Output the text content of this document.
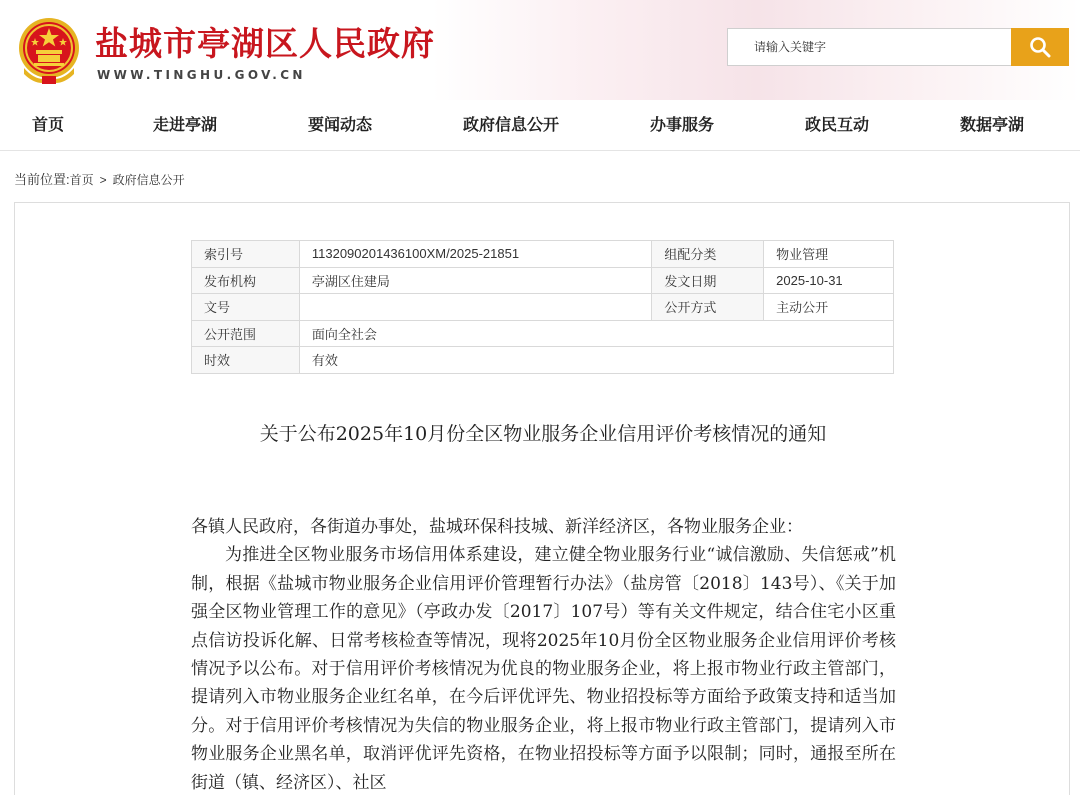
盐城市亭湖区人民政府
WWW.TINGHU.GOV.CN
请输入关键字
首页	走进亭湖	要闻动态	政府信息公开	办事服务	政民互动	数据亭湖
当前位置:首页 > 政府信息公开
索引号	1132090201436100XM/2025-21851	组配分类	物业管理
发布机构	亭湖区住建局	发文日期	2025-10-31
文号		公开方式	主动公开
公开范围	面向全社会		
时效	有效		
关于公布2025年10月份全区物业服务企业信用评价考核情况的通知

各镇人民政府，各街道办事处，盐城环保科技城、新洋经济区，各物业服务企业：

为推进全区物业服务市场信用体系建设，建立健全物业服务行业“诚信激励、失信惩戒”机制，根据《盐城市物业服务企业信用评价管理暂行办法》（盐房管〔2018〕143号）、《关于加强全区物业管理工作的意见》（亭政办发〔2017〕107号）等有关文件规定，结合住宅小区重点信访投诉化解、日常考核检查等情况，现将2025年10月份全区物业服务企业信用评价考核情况予以公布。对于信用评价考核情况为优良的物业服务企业，将上报市物业行政主管部门，提请列入市物业服务企业红名单，在今后评优评先、物业招投标等方面给予政策支持和适当加分。对于信用评价考核情况为失信的物业服务企业，将上报市物业行政主管部门，提请列入市物业服务企业黑名单，取消评优评先资格，在物业招投标等方面予以限制；同时，通报至所在街道（镇、经济区）、社区
